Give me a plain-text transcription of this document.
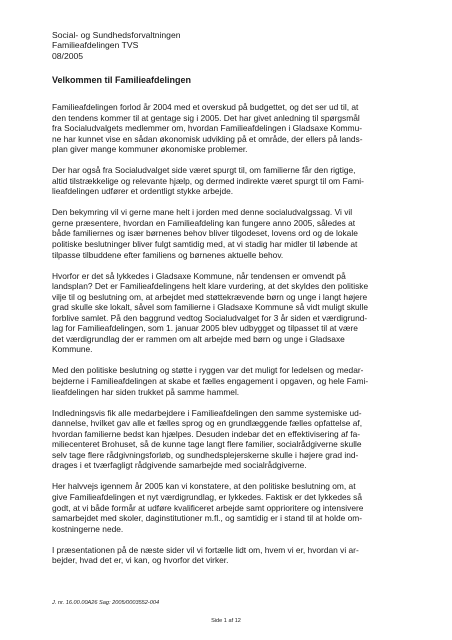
Social- og Sundhedsforvaltningen
Familieafdelingen TVS
08/2005
Velkommen til Familieafdelingen

Familieafdelingen forlod år 2004 med et overskud på budgettet, og det ser ud til, at
den tendens kommer til at gentage sig i 2005. Det har givet anledning til spørgsmål
fra Socialudvalgets medlemmer om, hvordan Familieafdelingen i Gladsaxe Kommu-
ne har kunnet vise en sådan økonomisk udvikling på et område, der ellers på lands-
plan giver mange kommuner økonomiske problemer.

Der har også fra Socialudvalget side været spurgt til, om familierne får den rigtige,
altid tilstrækkelige og relevante hjælp, og dermed indirekte været spurgt til om Fami-
lieafdelingen udfører et ordentligt stykke arbejde.

Den bekymring vil vi gerne mane helt i jorden med denne socialudvalgssag. Vi vil
gerne præsentere, hvordan en Familieafdeling kan fungere anno 2005, således at
både familiernes og især børnenes behov bliver tilgodeset, lovens ord og de lokale
politiske beslutninger bliver fulgt samtidig med, at vi stadig har midler til løbende at
tilpasse tilbuddene efter familiens og børnenes aktuelle behov.

Hvorfor er det så lykkedes i Gladsaxe Kommune, når tendensen er omvendt på
landsplan? Det er Familieafdelingens helt klare vurdering, at det skyldes den politiske
vilje til og beslutning om, at arbejdet med støttekrævende børn og unge i langt højere
grad skulle ske lokalt, såvel som familierne i Gladsaxe Kommune så vidt muligt skulle
forblive samlet. På den baggrund vedtog Socialudvalget for 3 år siden et værdigrund-
lag for Familieafdelingen, som 1. januar 2005 blev udbygget og tilpasset til at være
det værdigrundlag der er rammen om alt arbejde med børn og unge i Gladsaxe
Kommune.

Med den politiske beslutning og støtte i ryggen var det muligt for ledelsen og medar-
bejderne i Familieafdelingen at skabe et fælles engagement i opgaven, og hele Fami-
lieafdelingen har siden trukket på samme hammel.

Indledningsvis fik alle medarbejdere i Familieafdelingen den samme systemiske ud-
dannelse, hvilket gav alle et fælles sprog og en grundlæggende fælles opfattelse af,
hvordan familierne bedst kan hjælpes. Desuden indebar det en effektivisering af fa-
miliecenteret Brohuset, så de kunne tage langt flere familier, socialrådgiverne skulle
selv tage flere rådgivningsforløb, og sundhedsplejerskerne skulle i højere grad ind-
drages i et tværfagligt rådgivende samarbejde med socialrådgiverne.

Her halvvejs igennem år 2005 kan vi konstatere, at den politiske beslutning om, at
give Familieafdelingen et nyt værdigrundlag, er lykkedes. Faktisk er det lykkedes så
godt, at vi både formår at udføre kvalificeret arbejde samt opprioritere og intensivere
samarbejdet med skoler, daginstitutioner m.fl., og samtidig er i stand til at holde om-
kostningerne nede.

I præsentationen på de næste sider vil vi fortælle lidt om, hvem vi er, hvordan vi ar-
bejder, hvad det er, vi kan, og hvorfor det virker.

J. nr. 16.00.00A26 Sag: 2005/0003552-004
Side 1 af 12
